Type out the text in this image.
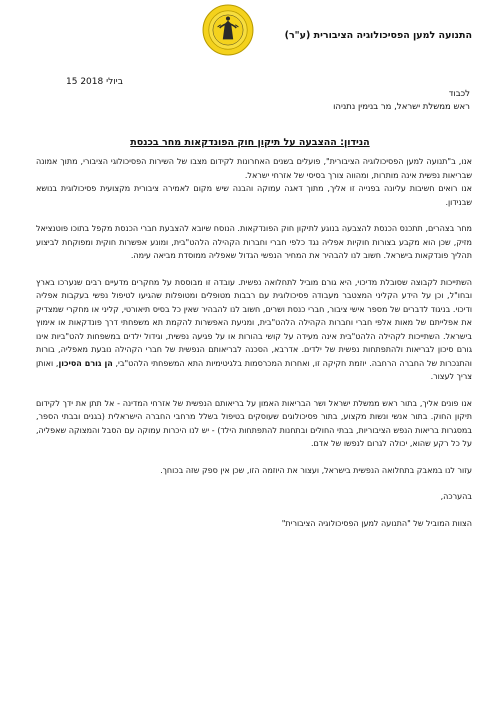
התנועה למען הפסיכולוגיה הציבורית (ע"ר)
15 ביולי 2018
לכבוד
ראש ממשלת ישראל, מר בנימין נתניהו
הנידון: ההצבעה על תיקון חוק הפונדקאות מחר בכנסת

אנו, ב"תנועה למען הפסיכולוגיה הציבורית", פועלים בשנים האחרונות לקידום מצבו של השירות הפסיכולוגי הציבורי, מתוך אמונה שבריאות נפשית אינה מותרות, ומהווה צורך בסיסי של אזרחי ישראל.
אנו רואים חשיבות עליונה בפנייה זו אליך, מתוך דאגה עמוקה והבנה שיש מקום לאמירה ציבורית מקצועית פסיכולוגית בנושא שבנידון.

מחר בצהרים, תתכנס הכנסת להצבעה בנוגע לתיקון חוק הפונדקאות. הנוסח שיובא להצבעת חברי הכנסת מקפל בתוכו פוטנציאל מזיק, שכן הוא מקבע בצורות חוקיות אפליה נגד כלפי חברי וחברות הקהילה הלהט"בית, ומונע אפשרות חוקית ומפוקחת לביצוע תהליך פונדקאות בישראל. חשוב לנו להבהיר את המחיר הנפשי הגדול שאפליה ממוסדת מביאה עימה.

השתייכות לקבוצה שסובלת מדיכוי, היא גורם מוביל לתחלואה נפשית. עובדה זו מבוססת על מחקרים מדעיים רבים שנערכו בארץ ובחו"ל, וכן על הידע הקליני המצטבר מעבודה פסיכולוגית עם רבבות מטופלים ומטופלות שהגיעו לטיפול נפשי בעקבות אפליה ודיכוי. בניגוד לדברים של מספר אישי ציבור, חברי כנסת ושרים, חשוב לנו להבהיר שאין כל בסיס תיאורטי, קליני או מחקרי שמצדיק את אפלייתם של מאות אלפי חברי וחברות הקהילה הלהט"בית, ומניעת האפשרות להקמת תא משפחתי דרך פונדקאות או אימוץ בישראל. השתייכות לקהילה הלהט"בית אינה מעידה על קושי בהורות או על פגיעה נפשית, וגידול ילדים במשפחות להט"ביות אינו גורם סיכון לבריאות ולהתפתחות נפשית של ילדים. אדרבא, הסכנה לבריאותם הנפשית של חברי הקהילה נובעת מאפליה, בורות והתנכרות של החברה הרחבה. יוזמת חקיקה זו, ואחרות המכרסמות בלגיטימיות התא המשפחתי הלהט"בי, הן גורם הסיכון, ואותן צריך לעצור.

אנו פונים אליך, בתור ראש ממשלת ישראל ושר הבריאות האמון על בריאותם הנפשית של אזרחי המדינה - אל תתן את ידך לקידום תיקון החוק. בתור אנשי ונשות מקצוע, בתור פסיכולוגים שעוסקים בטיפול בשלל מרחבי החברה הישראלית (בגנים ובבתי הספר, במסגרות בריאות הנפש הציבוריות, בבתי החולים ובתחנות להתפתחות הילד) - יש לנו היכרות עמוקה עם הסבל והמצוקה שאפליה, על כל רקע שהוא, יכולה לגרום לנפשו של אדם.

עזור לנו במאבק בתחלואה הנפשית בישראל, ועצור את היוזמה הזו, שכן אין ספק שזה בכוחך.

בהערכה,

הצוות המוביל של "התנועה למען הפסיכולוגיה הציבורית"
